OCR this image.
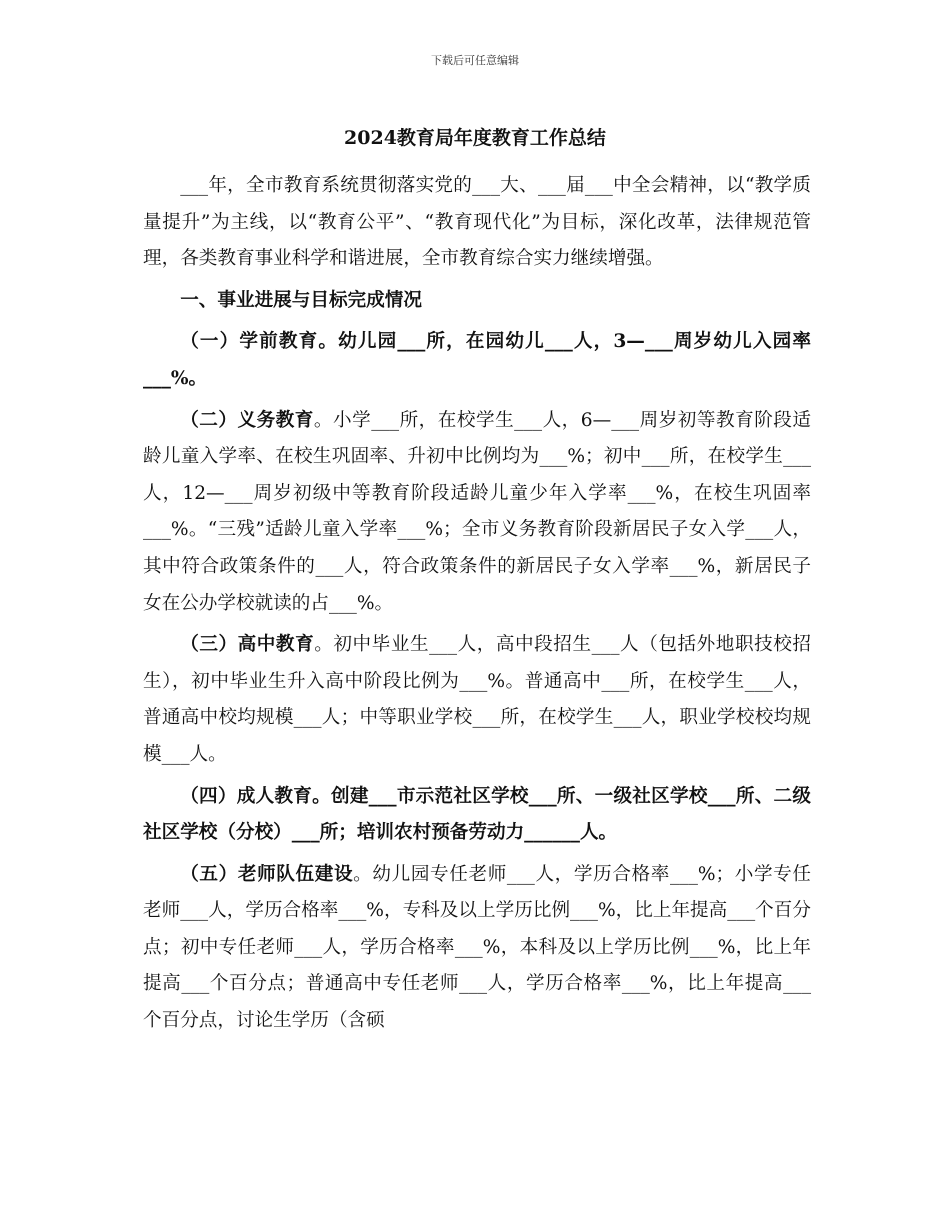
下载后可任意编辑
2024教育局年度教育工作总结

___年，全市教育系统贯彻落实党的___大、___届___中全会精神，以“教学质量提升”为主线，以“教育公平”、“教育现代化”为目标，深化改革，法律规范管理，各类教育事业科学和谐进展，全市教育综合实力继续增强。

一、事业进展与目标完成情况

（一）学前教育。幼儿园___所，在园幼儿___人，3—___周岁幼儿入园率___%。

（二）义务教育。小学___所，在校学生___人，6—___周岁初等教育阶段适龄儿童入学率、在校生巩固率、升初中比例均为___%；初中___所，在校学生___人，12—___周岁初级中等教育阶段适龄儿童少年入学率___%，在校生巩固率___%。“三残”适龄儿童入学率___%；全市义务教育阶段新居民子女入学___人，其中符合政策条件的___人，符合政策条件的新居民子女入学率___%，新居民子女在公办学校就读的占___%。

（三）高中教育。初中毕业生___人，高中段招生___人（包括外地职技校招生），初中毕业生升入高中阶段比例为___%。普通高中___所，在校学生___人，普通高中校均规模___人；中等职业学校___所，在校学生___人，职业学校校均规模___人。

（四）成人教育。创建___市示范社区学校___所、一级社区学校___所、二级社区学校（分校）___所；培训农村预备劳动力______人。

（五）老师队伍建设。幼儿园专任老师___人，学历合格率___%；小学专任老师___人，学历合格率___%，专科及以上学历比例___%，比上年提高___个百分点；初中专任老师___人，学历合格率___%，本科及以上学历比例___%，比上年提高___个百分点；普通高中专任老师___人，学历合格率___%，比上年提高___个百分点，讨论生学历（含硕
